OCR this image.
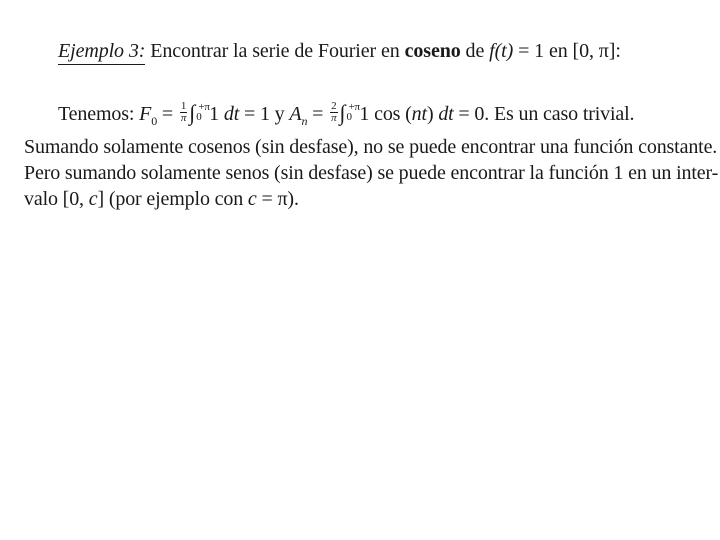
Ejemplo 3: Encontrar la serie de Fourier en coseno de f(t) = 1 en [0, π]:
Tenemos: $F_0 = \frac{1}{\pi}$ ∫ +π
0 1 dt = 1 y $A_n = \frac{2}{\pi}$ ∫ +π
0 1 cos (nt) dt = 0. Es un caso trivial.
Sumando solamente cosenos (sin desfase), no se puede encontrar una función constante.
Pero sumando solamente senos (sin desfase) se puede encontrar la función 1 en un inter-
valo [0, c] (por ejemplo con c = π).
